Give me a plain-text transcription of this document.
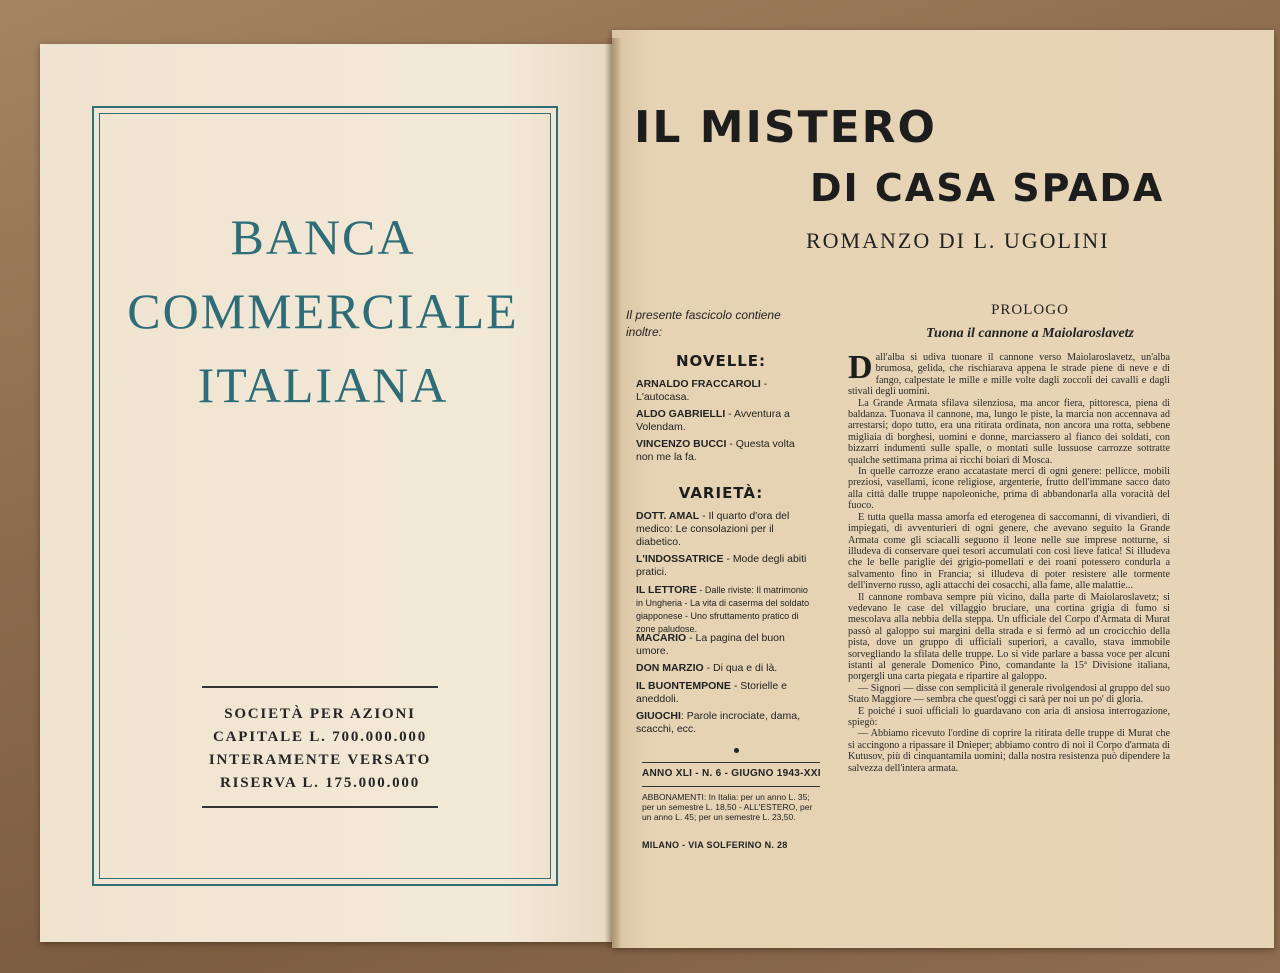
BANCA
COMMERCIALE
ITALIANA
SOCIETÀ PER AZIONI
CAPITALE L. 700.000.000
INTERAMENTE VERSATO
RISERVA L. 175.000.000
IL MISTERO
DI CASA SPADA
ROMANZO DI L. UGOLINI
Il presente fascicolo contiene inoltre:
NOVELLE:
ARNALDO FRACCAROLI - L'autocasa.
ALDO GABRIELLI - Avventura a Volendam.
VINCENZO BUCCI - Questa volta non me la fa.
VARIETÀ:
DOTT. AMAL - Il quarto d'ora del medico: Le consolazioni per il diabetico.
L'INDOSSATRICE - Mode degli abiti pratici.
IL LETTORE - Dalle riviste: Il matrimonio in Ungheria - La vita di caserma del soldato giapponese - Uno sfruttamento pratico di zone paludose.
MACARIO - La pagina del buon umore.
DON MARZIO - Di qua e di là.
IL BUONTEMPONE - Storielle e aneddoli.
GIUOCHI: Parole incrociate, dama, scacchi, ecc.
ANNO XLI - N. 6 - GIUGNO 1943-XXI
ABBONAMENTI: In Italia: per un anno L. 35; per un semestre L. 18,50 - ALL'ESTERO, per un anno L. 45; per un semestre L. 23,50.
MILANO - VIA SOLFERINO N. 28
PROLOGO
Tuona il cannone a Maiolaroslavetz

Dall'alba si udiva tuonare il cannone verso Maiolaroslavetz, un'alba brumosa, gelida, che rischiarava appena le strade piene di neve e di fango, calpestate le mille e mille volte dagli zoccoli dei cavalli e dagli stivali degli uomini.

La Grande Armata sfilava silenziosa, ma ancor fiera, pittoresca, piena di baldanza. Tuonava il cannone, ma, lungo le piste, la marcia non accennava ad arrestarsi; dopo tutto, era una ritirata ordinata, non ancora una rotta, sebbene migliaia di borghesi, uomini e donne, marciassero al fianco dei soldati, con bizzarri indumenti sulle spalle, o montati sulle lussuose carrozze sottratte qualche settimana prima ai ricchi boiari di Mosca.

In quelle carrozze erano accatastate merci di ogni genere: pellicce, mobili preziosi, vasellami, icone religiose, argenterie, frutto dell'immane sacco dato alla città dalle truppe napoleoniche, prima di abbandonarla alla voracità del fuoco.

E tutta quella massa amorfa ed eterogenea di saccomanni, di vivandieri, di impiegati, di avventurieri di ogni genere, che avevano seguito la Grande Armata come gli sciacalli seguono il leone nelle sue imprese notturne, si illudeva di conservare quei tesori accumulati con così lieve fatica! Si illudeva che le belle pariglie dei grigio-pomellati e dei roani potessero condurla a salvamento fino in Francia; si illudeva di poter resistere alle tormente dell'inverno russo, agli attacchi dei cosacchi, alla fame, alle malattie...

Il cannone rombava sempre più vicino, dalla parte di Maiolaroslavetz; si vedevano le case del villaggio bruciare, una cortina grigia di fumo si mescolava alla nebbia della steppa. Un ufficiale del Corpo d'Armata di Murat passò al galoppo sui margini della strada e si fermò ad un crocicchio della pista, dove un gruppo di ufficiali superiori, a cavallo, stava immobile sorvegliando la sfilata delle truppe. Lo si vide parlare a bassa voce per alcuni istanti al generale Domenico Pino, comandante la 15ª Divisione italiana, porgergli una carta piegata e ripartire al galoppo.

— Signori — disse con semplicità il generale rivolgendosi al gruppo del suo Stato Maggiore — sembra che quest'oggi ci sarà per noi un po' di gloria.

E poiché i suoi ufficiali lo guardavano con aria di ansiosa interrogazione, spiegò:

— Abbiamo ricevuto l'ordine di coprire la ritirata delle truppe di Murat che si accingono a ripassare il Dnieper; abbiamo contro di noi il Corpo d'armata di Kutusov, più di cinquantamila uomini; dalla nostra resistenza può dipendere la salvezza dell'intera armata.
